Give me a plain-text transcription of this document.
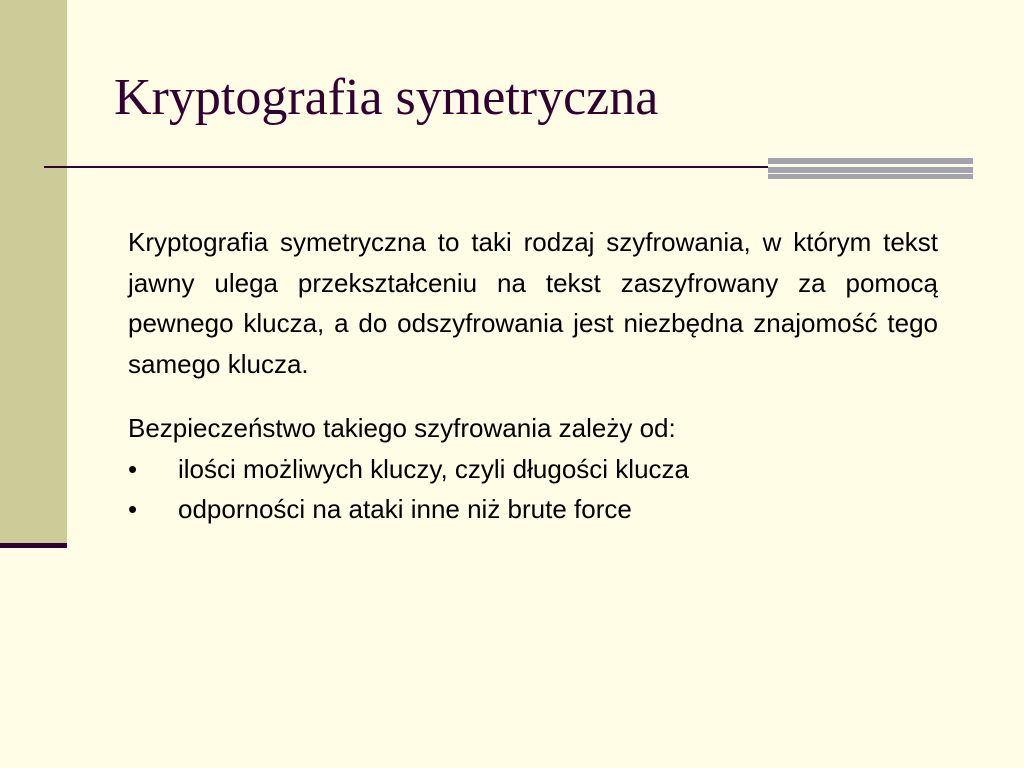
Kryptografia symetryczna

Kryptografia symetryczna to taki rodzaj szyfrowania, w którym tekst jawny ulega przekształceniu na tekst zaszyfrowany za pomocą pewnego klucza, a do odszyfrowania jest niezbędna znajomość tego samego klucza.

Bezpieczeństwo takiego szyfrowania zależy od:

• ilości możliwych kluczy, czyli długości klucza
• odporności na ataki inne niż brute force
